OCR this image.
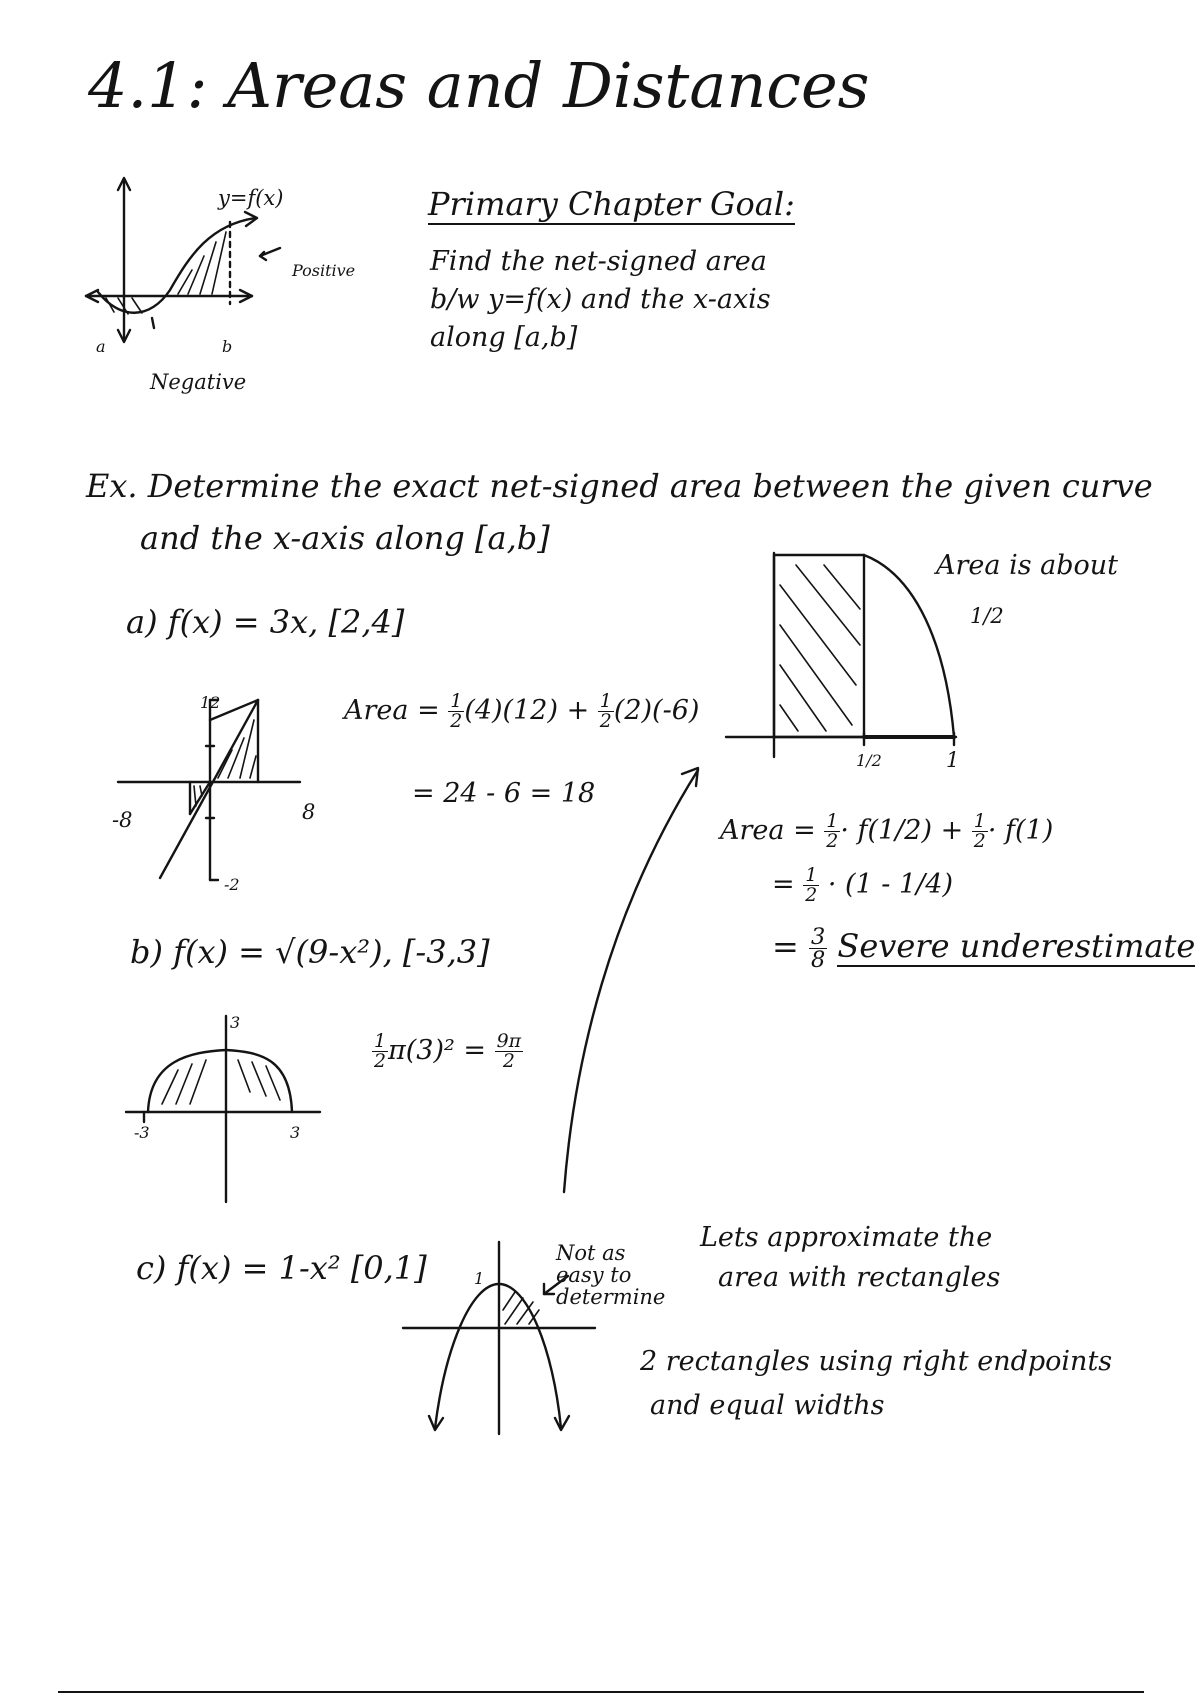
4.1: Areas and Distances
y=f(x)
Positive
Negative
a	b
Primary Chapter Goal:
Find the net-signed area
b/w y=f(x) and the x-axis
along [a,b]
Ex. Determine the exact net-signed area between the given curve
and the x-axis along [a,b]
a) f(x) = 3x, [2,4]
12
-2
-8	8
Area = $\frac{1}{2} (4)(12) + \frac{1}{2} (2)(-6)$
= 24 - 6 = 18
b) f(x) = √(9-x²), [-3,3]
3
-3	3
$\frac{1}{2} \pi(3)^2 = \frac{9\pi}{2}$
c) f(x) = 1-x² [0,1]	1
Not as easy to determine
Lets approximate the
area with rectangles
2 rectangles using right endpoints
and equal widths
Area is about
1/2
1/2	1
Area = $\frac{1}{2} \cdot f(1/2) + \frac{1}{2} \cdot f(1)$
= $\frac{1}{2} \cdot (1 - 1/4)$
= $\frac{3}{8}$ Severe underestimate
